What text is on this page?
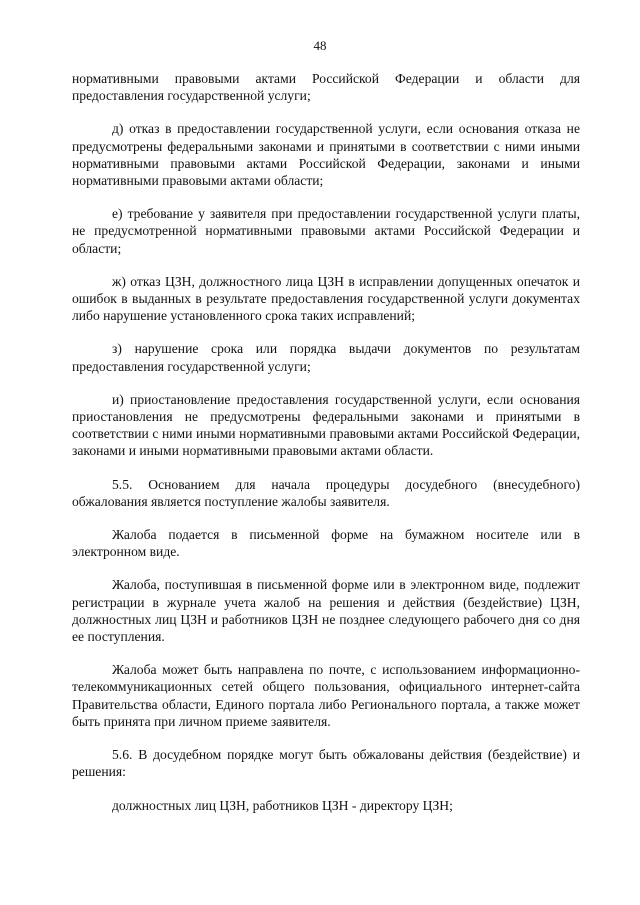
48

нормативными правовыми актами Российской Федерации и области для предоставления государственной услуги;

д) отказ в предоставлении государственной услуги, если основания отказа не предусмотрены федеральными законами и принятыми в соответствии с ними иными нормативными правовыми актами Российской Федерации, законами и иными нормативными правовыми актами области;

е) требование у заявителя при предоставлении государственной услуги платы, не предусмотренной нормативными правовыми актами Российской Федерации и области;

ж) отказ ЦЗН, должностного лица ЦЗН в исправлении допущенных опечаток и ошибок в выданных в результате предоставления государственной услуги документах либо нарушение установленного срока таких исправлений;

з) нарушение срока или порядка выдачи документов по результатам предоставления государственной услуги;

и) приостановление предоставления государственной услуги, если основания приостановления не предусмотрены федеральными законами и принятыми в соответствии с ними иными нормативными правовыми актами Российской Федерации, законами и иными нормативными правовыми актами области.

5.5. Основанием для начала процедуры досудебного (внесудебного) обжалования является поступление жалобы заявителя.

Жалоба подается в письменной форме на бумажном носителе или в электронном виде.

Жалоба, поступившая в письменной форме или в электронном виде, подлежит регистрации в журнале учета жалоб на решения и действия (бездействие) ЦЗН, должностных лиц ЦЗН и работников ЦЗН не позднее следующего рабочего дня со дня ее поступления.

Жалоба может быть направлена по почте, с использованием информационно-телекоммуникационных сетей общего пользования, официального интернет-сайта Правительства области, Единого портала либо Регионального портала, а также может быть принята при личном приеме заявителя.

5.6. В досудебном порядке могут быть обжалованы действия (бездействие) и решения:

должностных лиц ЦЗН, работников ЦЗН - директору ЦЗН;
